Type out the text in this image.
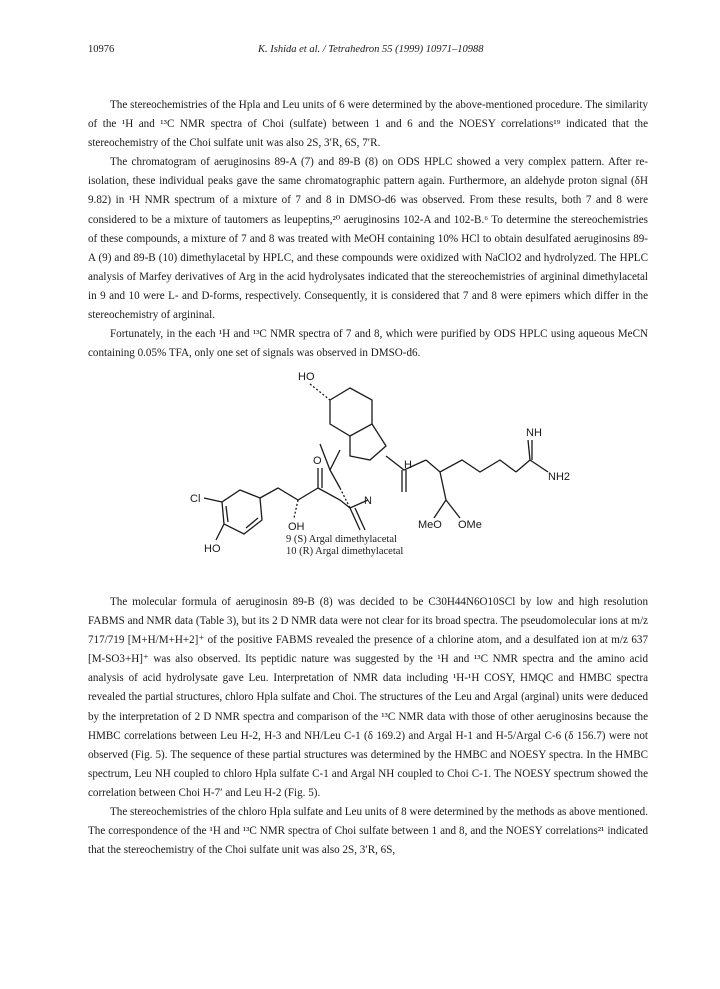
10976	K. Ishida et al. / Tetrahedron 55 (1999) 10971–10988

The stereochemistries of the Hpla and Leu units of 6 were determined by the above-mentioned procedure. The similarity of the ¹H and ¹³C NMR spectra of Choi (sulfate) between 1 and 6 and the NOESY correlations¹⁹ indicated that the stereochemistry of the Choi sulfate unit was also 2S, 3′R, 6S, 7′R.

The chromatogram of aeruginosins 89-A (7) and 89-B (8) on ODS HPLC showed a very complex pattern. After re-isolation, these individual peaks gave the same chromatographic pattern again. Furthermore, an aldehyde proton signal (δH 9.82) in ¹H NMR spectrum of a mixture of 7 and 8 in DMSO-d6 was observed. From these results, both 7 and 8 were considered to be a mixture of tautomers as leupeptins,²⁰ aeruginosins 102-A and 102-B.⁶ To determine the stereochemistries of these compounds, a mixture of 7 and 8 was treated with MeOH containing 10% HCl to obtain desulfated aeruginosins 89-A (9) and 89-B (10) dimethylacetal by HPLC, and these compounds were oxidized with NaClO2 and hydrolyzed. The HPLC analysis of Marfey derivatives of Arg in the acid hydrolysates indicated that the stereochemistries of argininal dimethylacetal in 9 and 10 were L- and D-forms, respectively. Consequently, it is considered that 7 and 8 were epimers which differ in the stereochemistry of argininal.

Fortunately, in the each ¹H and ¹³C NMR spectra of 7 and 8, which were purified by ODS HPLC using aqueous MeCN containing 0.05% TFA, only one set of signals was observed in DMSO-d6.

HO
O
N
H
NH
NH2
Cl
OH	MeO OMe
HO
9 (S) Argal dimethylacetal
10 (R) Argal dimethylacetal

The molecular formula of aeruginosin 89-B (8) was decided to be C30H44N6O10SCl by low and high resolution FABMS and NMR data (Table 3), but its 2 D NMR data were not clear for its broad spectra. The pseudomolecular ions at m/z 717/719 [M+H/M+H+2]⁺ of the positive FABMS revealed the presence of a chlorine atom, and a desulfated ion at m/z 637 [M-SO3+H]⁺ was also observed. Its peptidic nature was suggested by the ¹H and ¹³C NMR spectra and the amino acid analysis of acid hydrolysate gave Leu. Interpretation of NMR data including ¹H-¹H COSY, HMQC and HMBC spectra revealed the partial structures, chloro Hpla sulfate and Choi. The structures of the Leu and Argal (arginal) units were deduced by the interpretation of 2 D NMR spectra and comparison of the ¹³C NMR data with those of other aeruginosins because the HMBC correlations between Leu H-2, H-3 and NH/Leu C-1 (δ 169.2) and Argal H-1 and H-5/Argal C-6 (δ 156.7) were not observed (Fig. 5). The sequence of these partial structures was determined by the HMBC and NOESY spectra. In the HMBC spectrum, Leu NH coupled to chloro Hpla sulfate C-1 and Argal NH coupled to Choi C-1. The NOESY spectrum showed the correlation between Choi H-7′ and Leu H-2 (Fig. 5).

The stereochemistries of the chloro Hpla sulfate and Leu units of 8 were determined by the methods as above mentioned. The correspondence of the ¹H and ¹³C NMR spectra of Choi sulfate between 1 and 8, and the NOESY correlations²¹ indicated that the stereochemistry of the Choi sulfate unit was also 2S, 3′R, 6S,
